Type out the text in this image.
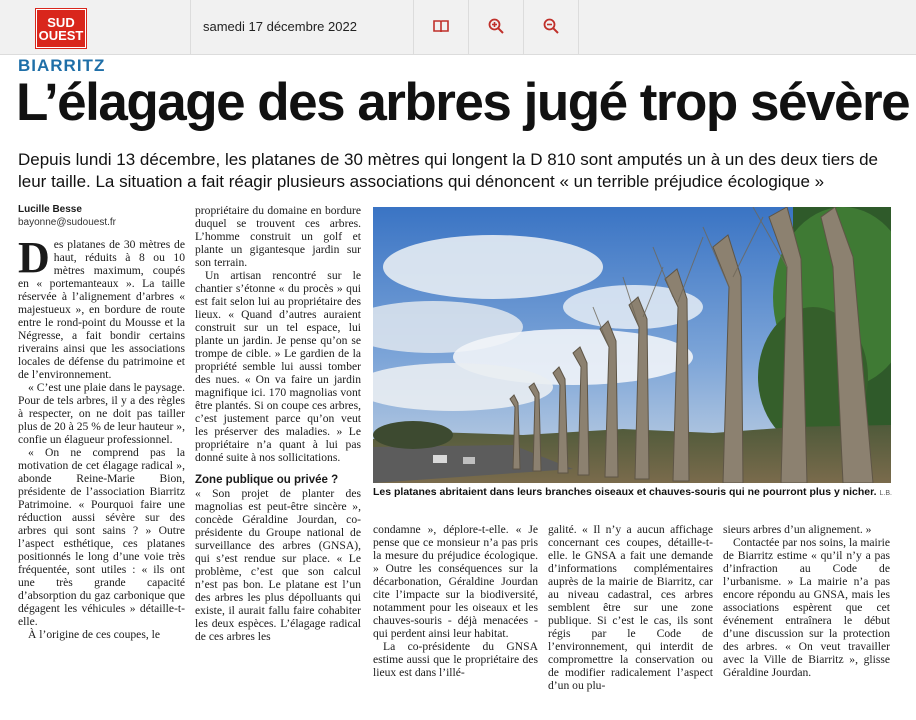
SUD
OUEST
samedi 17 décembre 2022
BIARRITZ
L’élagage des arbres jugé trop sévère
Depuis lundi 13 décembre, les platanes de 30 mètres qui longent la D 810 sont amputés un à un des deux tiers de leur taille. La situation a fait réagir plusieurs associations qui dénoncent « un terrible préjudice écologique »
Lucille Besse
bayonne@sudouest.fr

Des platanes de 30 mètres de haut, réduits à 8 ou 10 mètres maximum, coupés en « portemanteaux ». La taille réservée à l’alignement d’arbres « majestueux », en bordure de route entre le rond-point du Mousse et la Négresse, a fait bondir certains riverains ainsi que les associations locales de défense du patrimoine et de l’environnement.

« C’est une plaie dans le paysage. Pour de tels arbres, il y a des règles à respecter, on ne doit pas tailler plus de 20 à 25 % de leur hauteur », confie un élagueur professionnel.

« On ne comprend pas la motivation de cet élagage radical », abonde Reine-Marie Bion, présidente de l’association Biarritz Patrimoine. « Pourquoi faire une réduction aussi sévère sur des arbres qui sont sains ? » Outre l’aspect esthétique, ces platanes positionnés le long d’une voie très fréquentée, sont utiles : « ils ont une très grande capacité d’absorption du gaz carbonique que dégagent les véhicules » détaille-t-elle.

À l’origine de ces coupes, le

propriétaire du domaine en bordure duquel se trouvent ces arbres. L’homme construit un golf et plante un gigantesque jardin sur son terrain.

Un artisan rencontré sur le chantier s’étonne « du procès » qui est fait selon lui au propriétaire des lieux. « Quand d’autres auraient construit sur un tel espace, lui plante un jardin. Je pense qu’on se trompe de cible. » Le gardien de la propriété semble lui aussi tomber des nues. « On va faire un jardin magnifique ici. 170 magnolias vont être plantés. Si on coupe ces arbres, c’est justement parce qu’on veut les préserver des maladies. » Le propriétaire n’a quant à lui pas donné suite à nos sollicitations.

Zone publique ou privée ?

« Son projet de planter des magnolias est peut-être sincère », concède Géraldine Jourdan, co-présidente du Groupe national de surveillance des arbres (GNSA), qui s’est rendue sur place. « Le problème, c’est que son calcul n’est pas bon. Le platane est l’un des arbres les plus dépolluants qui existe, il aurait fallu faire cohabiter les deux espèces. L’élagage radical de ces arbres les

Les platanes abritaient dans leurs branches oiseaux et chauves-souris qui ne pourront plus y nicher. L.B.

condamne », déplore-t-elle. « Je pense que ce monsieur n’a pas pris la mesure du préjudice écologique. » Outre les conséquences sur la décarbonation, Géraldine Jourdan cite l’impacte sur la biodiversité, notamment pour les oiseaux et les chauves-souris - déjà menacées - qui perdent ainsi leur habitat.

La co-présidente du GNSA estime aussi que le propriétaire des lieux est dans l’illé-

galité. « Il n’y a aucun affichage concernant ces coupes, détaille-t-elle. le GNSA a fait une demande d’informations complémentaires auprès de la mairie de Biarritz, car au niveau cadastral, ces arbres semblent être sur une zone publique. Si c’est le cas, ils sont régis par le Code de l’environnement, qui interdit de compromettre la conservation ou de modifier radicalement l’aspect d’un ou plu-

sieurs arbres d’un alignement. »

Contactée par nos soins, la mairie de Biarritz estime « qu’il n’y a pas d’infraction au Code de l’urbanisme. » La mairie n’a pas encore répondu au GNSA, mais les associations espèrent que cet événement entraînera le début d’une discussion sur la protection des arbres. « On veut travailler avec la Ville de Biarritz », glisse Géraldine Jourdan.
